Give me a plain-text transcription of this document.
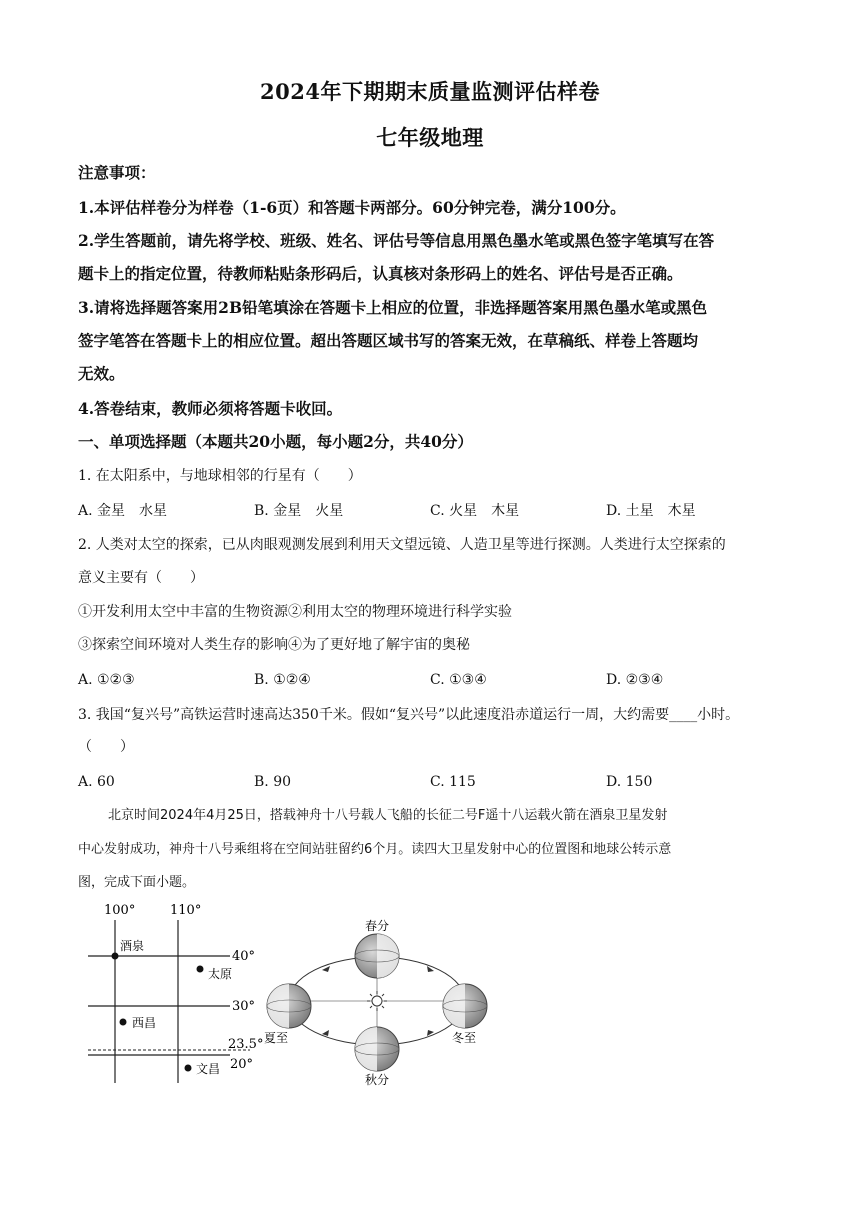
2024年下期期末质量监测评估样卷
七年级地理
注意事项：
1.本评估样卷分为样卷（1-6页）和答题卡两部分。60分钟完卷，满分100分。
2.学生答题前，请先将学校、班级、姓名、评估号等信息用黑色墨水笔或黑色签字笔填写在答
题卡上的指定位置，待教师粘贴条形码后，认真核对条形码上的姓名、评估号是否正确。
3.请将选择题答案用2B铅笔填涂在答题卡上相应的位置，非选择题答案用黑色墨水笔或黑色
签字笔答在答题卡上的相应位置。超出答题区域书写的答案无效，在草稿纸、样卷上答题均
无效。
4.答卷结束，教师必须将答题卡收回。
一、单项选择题（本题共20小题，每小题2分，共40分）
1. 在太阳系中，与地球相邻的行星有（　　）
A. 金星　水星	B. 金星　火星	C. 火星　木星	D. 土星　木星
2. 人类对太空的探索，已从肉眼观测发展到利用天文望远镜、人造卫星等进行探测。人类进行太空探索的
意义主要有（　　）
①开发利用太空中丰富的生物资源②利用太空的物理环境进行科学实验
③探索空间环境对人类生存的影响④为了更好地了解宇宙的奥秘
A. ①②③	B. ①②④	C. ①③④	D. ②③④
3. 我国“复兴号”高铁运营时速高达350千米。假如“复兴号”以此速度沿赤道运行一周，大约需要____小时。
（　　）
A. 60	B. 90	C. 115	D. 150
北京时间2024年4月25日，搭载神舟十八号载人飞船的长征二号F遥十八运载火箭在酒泉卫星发射
中心发射成功，神舟十八号乘组将在空间站驻留约6个月。读四大卫星发射中心的位置图和地球公转示意
图，完成下面小题。
100°	110°
40°
30°
23.5°
20°
酒泉
太原
西昌
文昌
春分
夏至
秋分
冬至
